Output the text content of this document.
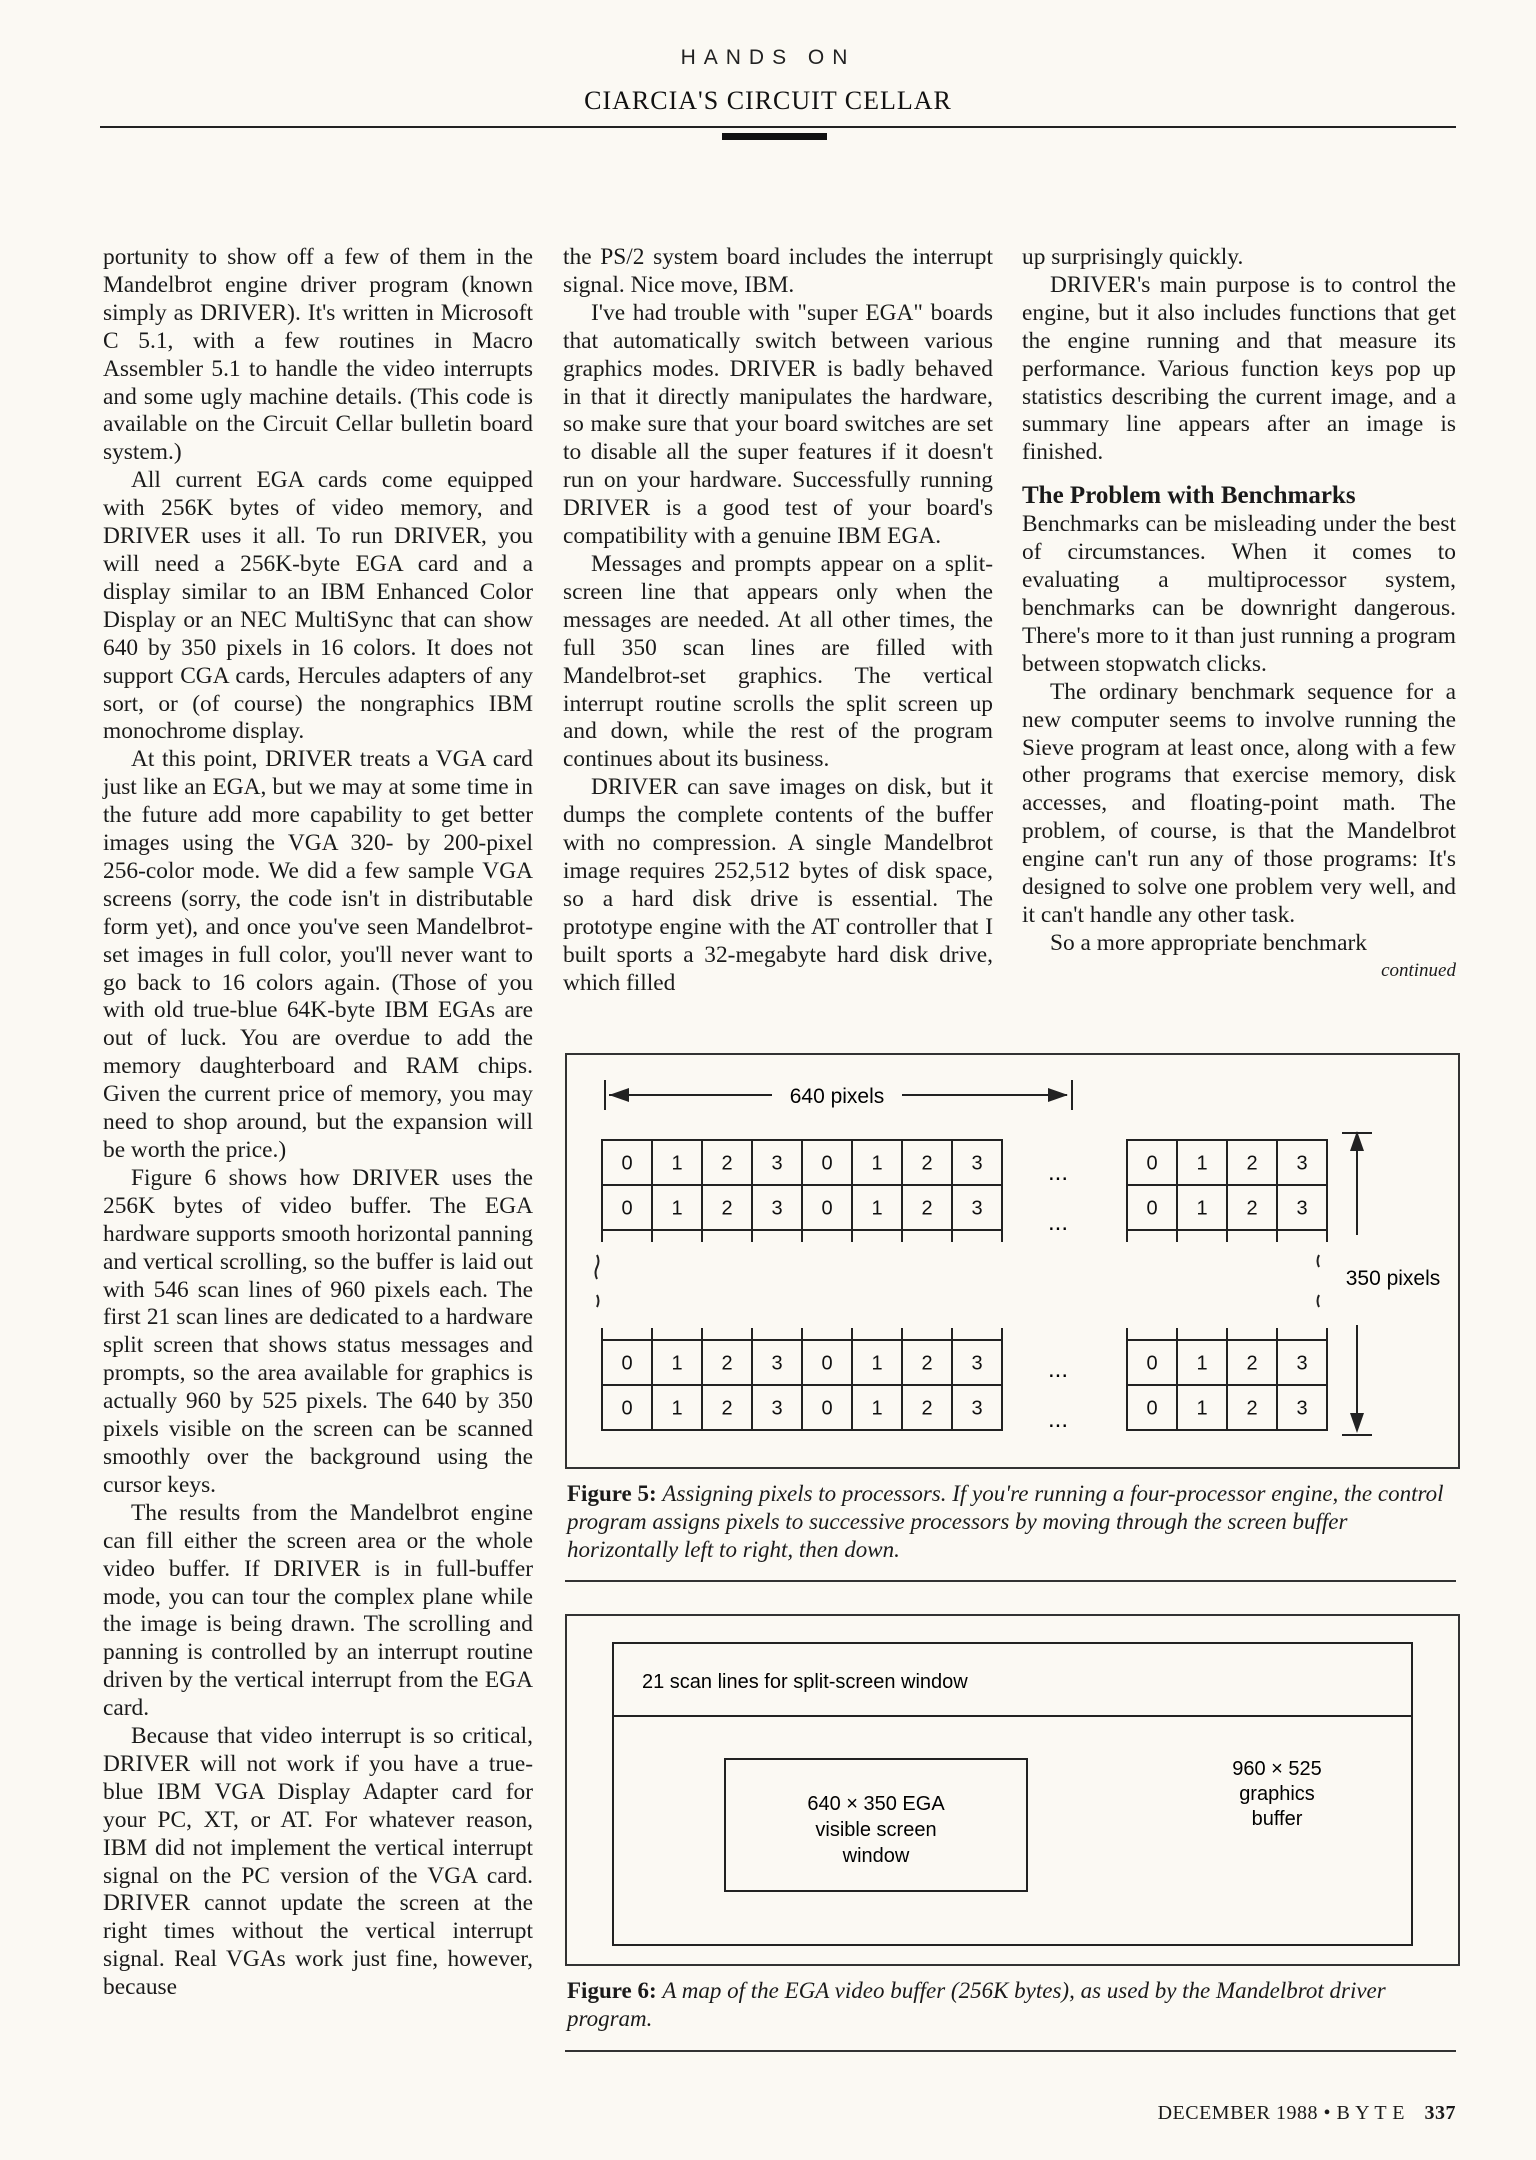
HANDS ON
CIARCIA'S CIRCUIT CELLAR

portunity to show off a few of them in the Mandelbrot engine driver program (known simply as DRIVER). It's written in Microsoft C 5.1, with a few routines in Macro Assembler 5.1 to handle the video interrupts and some ugly machine details. (This code is available on the Circuit Cellar bulletin board system.)

All current EGA cards come equipped with 256K bytes of video memory, and DRIVER uses it all. To run DRIVER, you will need a 256K-byte EGA card and a display similar to an IBM Enhanced Color Display or an NEC MultiSync that can show 640 by 350 pixels in 16 colors. It does not support CGA cards, Hercules adapters of any sort, or (of course) the nongraphics IBM monochrome display.

At this point, DRIVER treats a VGA card just like an EGA, but we may at some time in the future add more capability to get better images using the VGA 320- by 200-pixel 256-color mode. We did a few sample VGA screens (sorry, the code isn't in distributable form yet), and once you've seen Mandelbrot-set images in full color, you'll never want to go back to 16 colors again. (Those of you with old true-blue 64K-byte IBM EGAs are out of luck. You are overdue to add the memory daughterboard and RAM chips. Given the current price of memory, you may need to shop around, but the expansion will be worth the price.)

Figure 6 shows how DRIVER uses the 256K bytes of video buffer. The EGA hardware supports smooth horizontal panning and vertical scrolling, so the buffer is laid out with 546 scan lines of 960 pixels each. The first 21 scan lines are dedicated to a hardware split screen that shows status messages and prompts, so the area available for graphics is actually 960 by 525 pixels. The 640 by 350 pixels visible on the screen can be scanned smoothly over the background using the cursor keys.

The results from the Mandelbrot engine can fill either the screen area or the whole video buffer. If DRIVER is in full-buffer mode, you can tour the complex plane while the image is being drawn. The scrolling and panning is controlled by an interrupt routine driven by the vertical interrupt from the EGA card.

Because that video interrupt is so critical, DRIVER will not work if you have a true-blue IBM VGA Display Adapter card for your PC, XT, or AT. For whatever reason, IBM did not implement the vertical interrupt signal on the PC version of the VGA card. DRIVER cannot update the screen at the right times without the vertical interrupt signal. Real VGAs work just fine, however, because

the PS/2 system board includes the interrupt signal. Nice move, IBM.

I've had trouble with "super EGA" boards that automatically switch between various graphics modes. DRIVER is badly behaved in that it directly manipulates the hardware, so make sure that your board switches are set to disable all the super features if it doesn't run on your hardware. Successfully running DRIVER is a good test of your board's compatibility with a genuine IBM EGA.

Messages and prompts appear on a split-screen line that appears only when the messages are needed. At all other times, the full 350 scan lines are filled with Mandelbrot-set graphics. The vertical interrupt routine scrolls the split screen up and down, while the rest of the program continues about its business.

DRIVER can save images on disk, but it dumps the complete contents of the buffer with no compression. A single Mandelbrot image requires 252,512 bytes of disk space, so a hard disk drive is essential. The prototype engine with the AT controller that I built sports a 32-megabyte hard disk drive, which filled

up surprisingly quickly.

DRIVER's main purpose is to control the engine, but it also includes functions that get the engine running and that measure its performance. Various function keys pop up statistics describing the current image, and a summary line appears after an image is finished.

The Problem with Benchmarks

Benchmarks can be misleading under the best of circumstances. When it comes to evaluating a multiprocessor system, benchmarks can be downright dangerous. There's more to it than just running a program between stopwatch clicks.

The ordinary benchmark sequence for a new computer seems to involve running the Sieve program at least once, along with a few other programs that exercise memory, disk accesses, and floating-point math. The problem, of course, is that the Mandelbrot engine can't run any of those programs: It's designed to solve one problem very well, and it can't handle any other task.

So a more appropriate benchmark

continued
640 pixels
0 1 2 3 0 1 2 3	0 1 2 3
0 1 2 3 0 1 2 3	0 1 2 3
0 1 2 3 0 1 2 3	0 1 2 3
0 1 2 3 0 1 2 3	0 1 2 3
...
...
...
...
350 pixels
Figure 5: Assigning pixels to processors. If you're running a four-processor engine, the control program assigns pixels to successive processors by moving through the screen buffer horizontally left to right, then down.
21 scan lines for split-screen window
640 × 350 EGA
visible screen
window
960 × 525
graphics
buffer
Figure 6: A map of the EGA video buffer (256K bytes), as used by the Mandelbrot driver program.
DECEMBER 1988 • B Y T E 337
